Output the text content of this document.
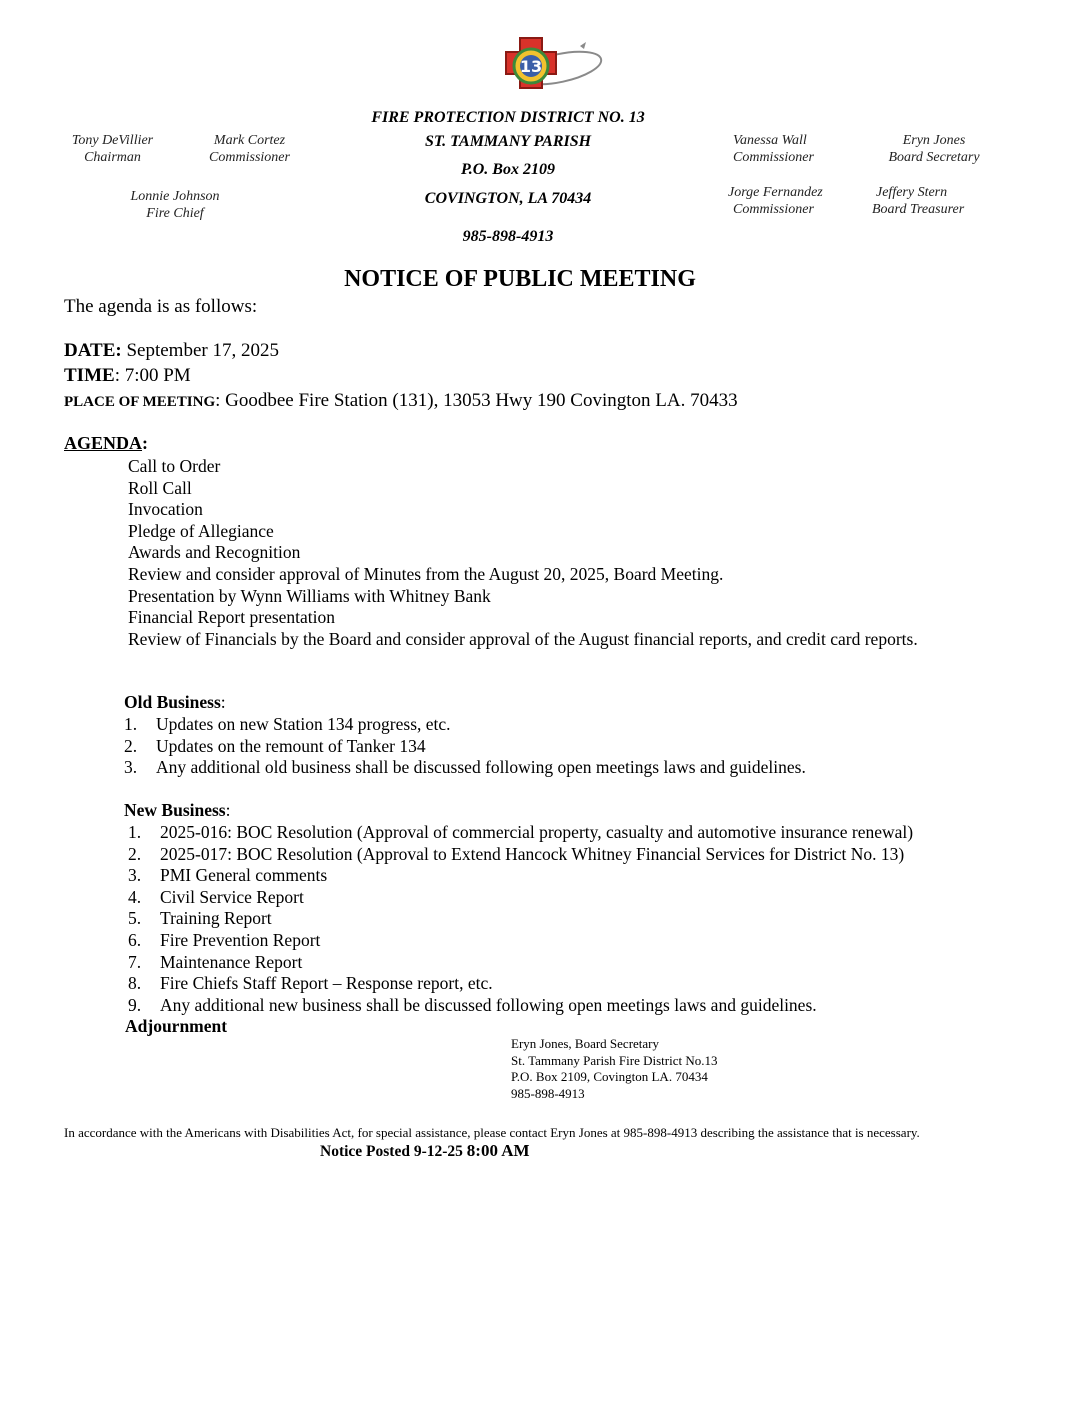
13
FIRE PROTECTION DISTRICT NO. 13
ST. TAMMANY PARISH
P.O. Box 2109
COVINGTON, LA 70434
985-898-4913
Tony DeVillier
Chairman
Mark Cortez
Commissioner
Lonnie Johnson
Fire Chief
Vanessa Wall
Commissioner
Eryn Jones
Board Secretary
Jorge Fernandez
Commissioner
Jeffery Stern
Board Treasurer
NOTICE OF PUBLIC MEETING
The agenda is as follows:
DATE: September 17, 2025
TIME: 7:00 PM
PLACE OF MEETING: Goodbee Fire Station (131), 13053 Hwy 190 Covington LA. 70433
AGENDA:
Call to Order
Roll Call
Invocation
Pledge of Allegiance
Awards and Recognition
Review and consider approval of Minutes from the August 20, 2025, Board Meeting.
Presentation by Wynn Williams with Whitney Bank
Financial Report presentation
Review of Financials by the Board and consider approval of the August financial reports, and credit card reports.
Old Business:
1. Updates on new Station 134 progress, etc.
2. Updates on the remount of Tanker 134
3. Any additional old business shall be discussed following open meetings laws and guidelines.
New Business:
1. 2025-016: BOC Resolution (Approval of commercial property, casualty and automotive insurance renewal)
2. 2025-017: BOC Resolution (Approval to Extend Hancock Whitney Financial Services for District No. 13)
3. PMI General comments
4. Civil Service Report
5. Training Report
6. Fire Prevention Report
7. Maintenance Report
8. Fire Chiefs Staff Report – Response report, etc.
9. Any additional new business shall be discussed following open meetings laws and guidelines.
Adjournment
Eryn Jones, Board Secretary
St. Tammany Parish Fire District No.13
P.O. Box 2109, Covington LA. 70434
985-898-4913
In accordance with the Americans with Disabilities Act, for special assistance, please contact Eryn Jones at 985-898-4913 describing the assistance that is necessary.
Notice Posted 9-12-25 8:00 AM
